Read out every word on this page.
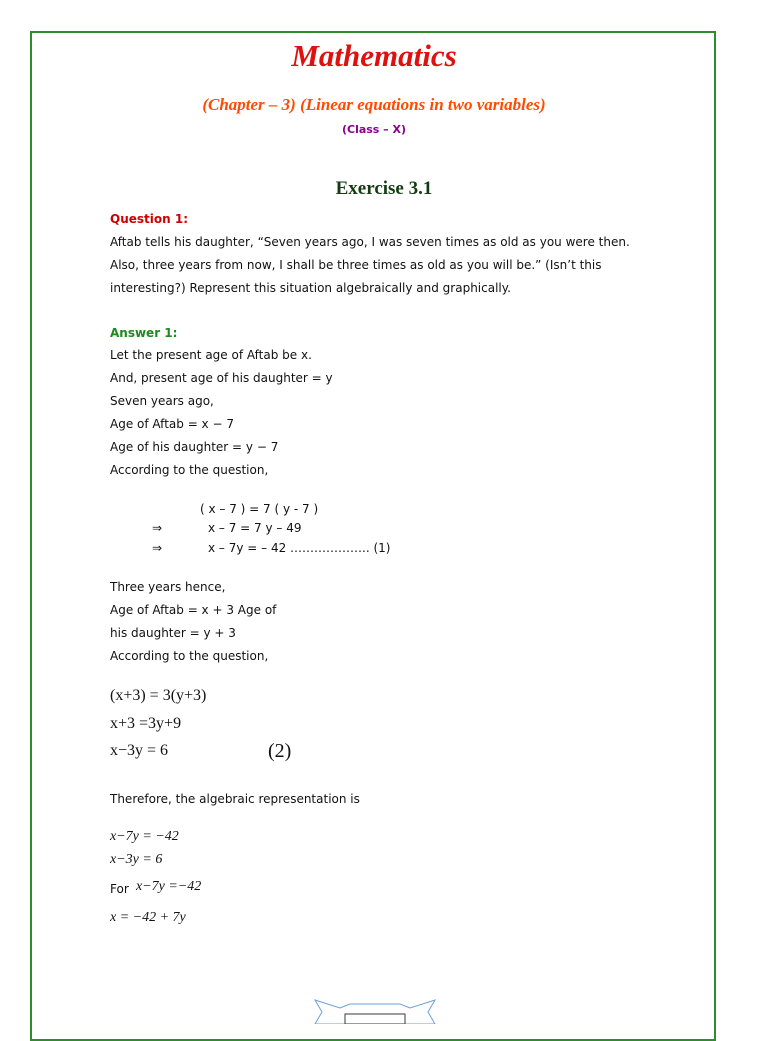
Mathematics
(Chapter – 3) (Linear equations in two variables)
(Class – X)
Exercise 3.1
Question 1:
Aftab tells his daughter, “Seven years ago, I was seven times as old as you were then.
Also, three years from now, I shall be three times as old as you will be.” (Isn’t this
interesting?) Represent this situation algebraically and graphically.
Answer 1:
Let the present age of Aftab be x.
And, present age of his daughter = y
Seven years ago,
Age of Aftab = x − 7
Age of his daughter = y − 7
According to the question,
( x – 7 ) = 7 ( y - 7 )
⇒	x – 7 = 7 y – 49
⇒	x – 7y = – 42 ……………….. (1)
Three years hence,
Age of Aftab = x + 3 Age of
his daughter = y + 3
According to the question,
(x+3) = 3(y+3)
x+3 =3y+9
x−3y = 6	(2)
Therefore, the algebraic representation is
x−7y = −42
x−3y = 6
For x−7y =−42
x = −42 + 7y
